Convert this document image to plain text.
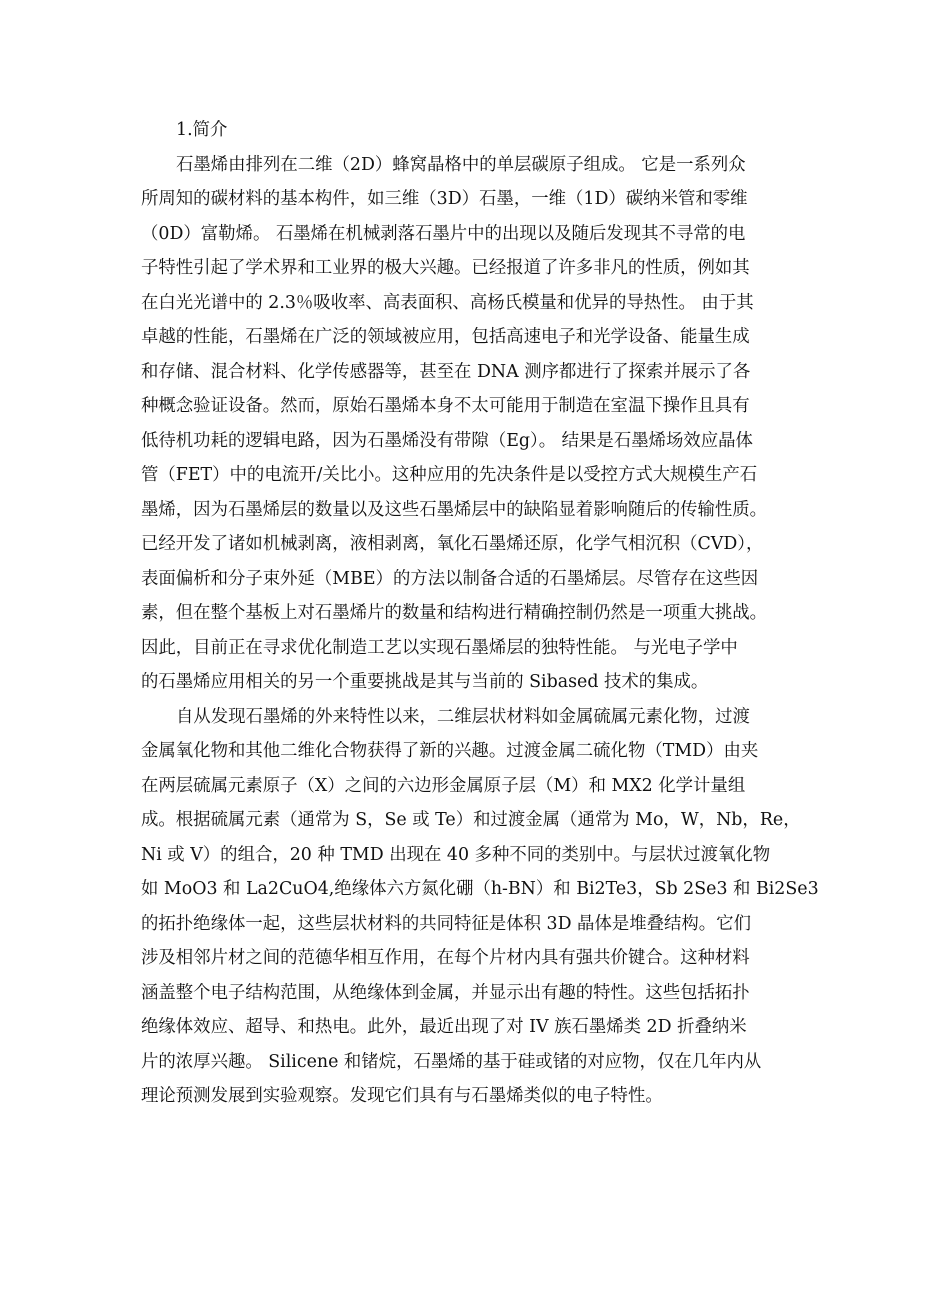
1.简介

石墨烯由排列在二维（2D）蜂窝晶格中的单层碳原子组成。 它是一系列众

所周知的碳材料的基本构件，如三维（3D）石墨，一维（1D）碳纳米管和零维

（0D）富勒烯。 石墨烯在机械剥落石墨片中的出现以及随后发现其不寻常的电

子特性引起了学术界和工业界的极大兴趣。已经报道了许多非凡的性质，例如其

在白光光谱中的 2.3％吸收率、高表面积、高杨氏模量和优异的导热性。 由于其

卓越的性能，石墨烯在广泛的领域被应用，包括高速电子和光学设备、能量生成

和存储、混合材料、化学传感器等，甚至在 DNA 测序都进行了探索并展示了各

种概念验证设备。然而，原始石墨烯本身不太可能用于制造在室温下操作且具有

低待机功耗的逻辑电路，因为石墨烯没有带隙（Eg）。 结果是石墨烯场效应晶体

管（FET）中的电流开/关比小。这种应用的先决条件是以受控方式大规模生产石

墨烯，因为石墨烯层的数量以及这些石墨烯层中的缺陷显着影响随后的传输性质。

已经开发了诸如机械剥离，液相剥离，氧化石墨烯还原，化学气相沉积（CVD），

表面偏析和分子束外延（MBE）的方法以制备合适的石墨烯层。尽管存在这些因

素，但在整个基板上对石墨烯片的数量和结构进行精确控制仍然是一项重大挑战。

因此，目前正在寻求优化制造工艺以实现石墨烯层的独特性能。 与光电子学中

的石墨烯应用相关的另一个重要挑战是其与当前的 Sibased 技术的集成。

自从发现石墨烯的外来特性以来，二维层状材料如金属硫属元素化物，过渡

金属氧化物和其他二维化合物获得了新的兴趣。过渡金属二硫化物（TMD）由夹

在两层硫属元素原子（X）之间的六边形金属原子层（M）和 MX2 化学计量组

成。根据硫属元素（通常为 S，Se 或 Te）和过渡金属（通常为 Mo，W，Nb，Re，

Ni 或 V）的组合，20 种 TMD 出现在 40 多种不同的类别中。与层状过渡氧化物

如 MoO3 和 La2CuO4,绝缘体六方氮化硼（h-BN）和 Bi2Te3，Sb 2Se3 和 Bi2Se3

的拓扑绝缘体一起，这些层状材料的共同特征是体积 3D 晶体是堆叠结构。它们

涉及相邻片材之间的范德华相互作用，在每个片材内具有强共价键合。这种材料

涵盖整个电子结构范围，从绝缘体到金属，并显示出有趣的特性。这些包括拓扑

绝缘体效应、超导、和热电。此外，最近出现了对 IV 族石墨烯类 2D 折叠纳米

片的浓厚兴趣。 Silicene 和锗烷，石墨烯的基于硅或锗的对应物，仅在几年内从

理论预测发展到实验观察。发现它们具有与石墨烯类似的电子特性。
